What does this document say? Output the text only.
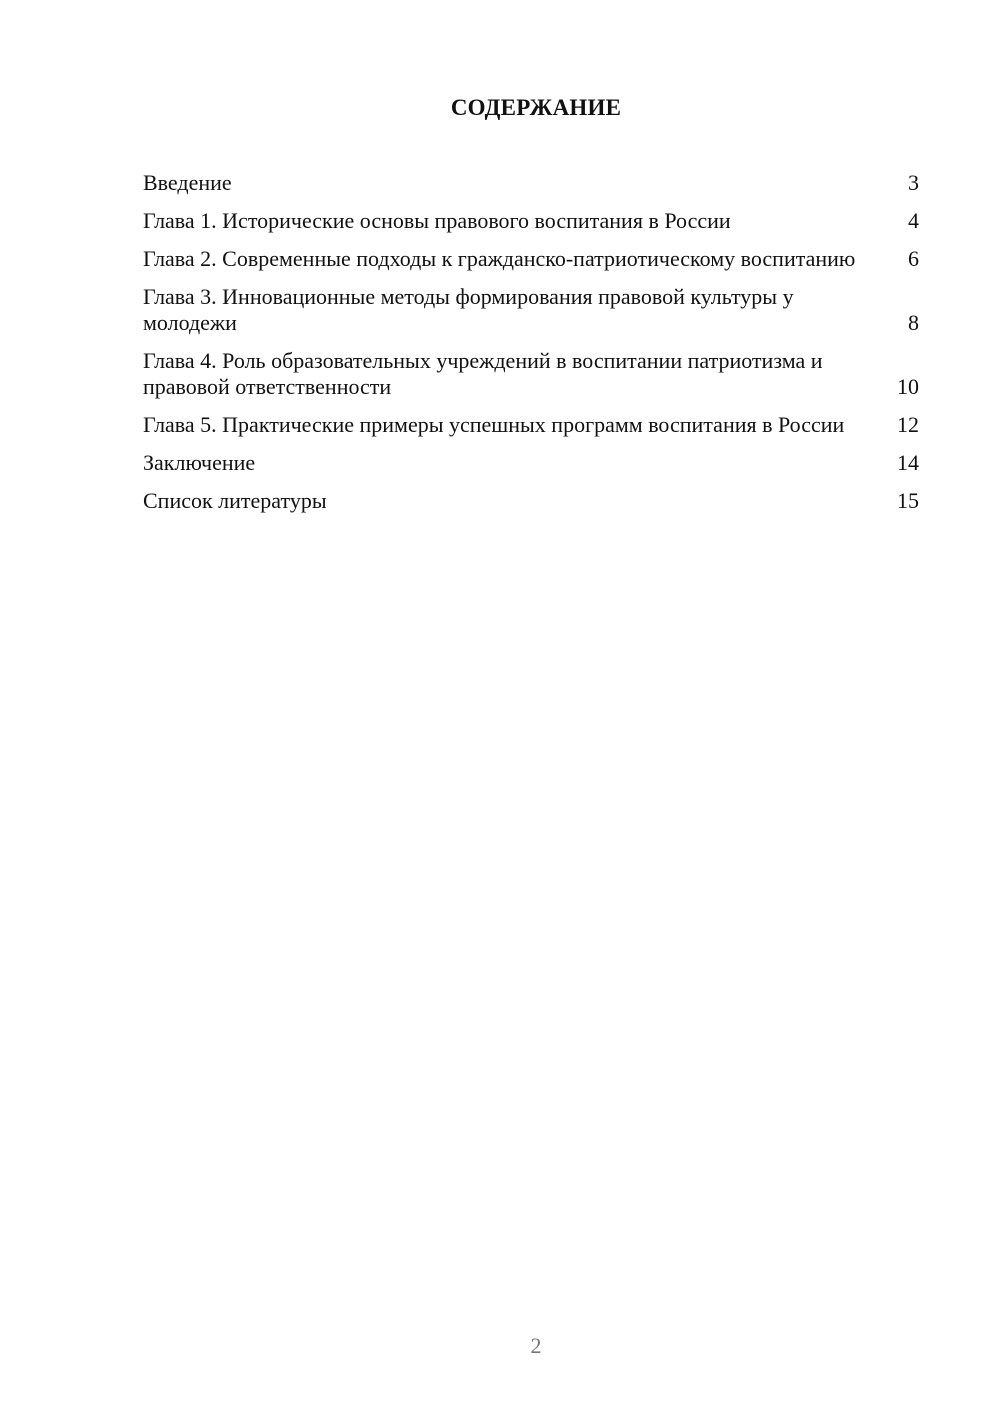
СОДЕРЖАНИЕ
Введение	3
Глава 1. Исторические основы правового воспитания в России	4
Глава 2. Современные подходы к гражданско-патриотическому воспитанию 6
Глава 3. Инновационные методы формирования правовой культуры у молодежи	8
Глава 4. Роль образовательных учреждений в воспитании патриотизма и правовой ответственности	10
Глава 5. Практические примеры успешных программ воспитания в России	12
Заключение	14
Список литературы	15
2
